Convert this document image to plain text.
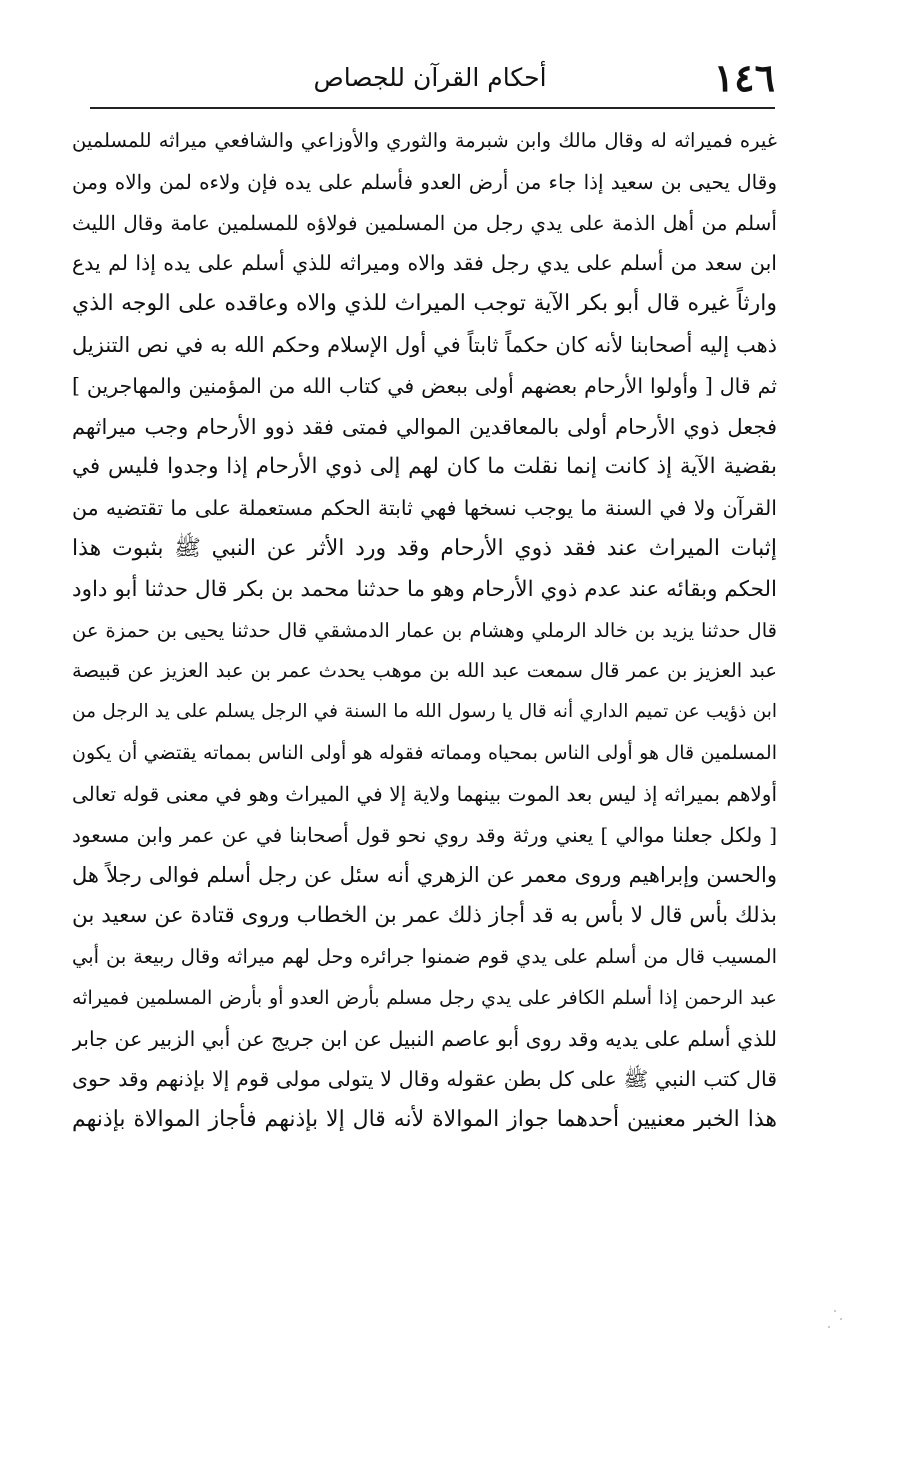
١٤٦
أحكام القرآن للجصاص
غيره فميراثه له وقال مالك وابن شبرمة والثوري والأوزاعي والشافعي ميراثه للمسلمين
وقال يحيى بن سعيد إذا جاء من أرض العدو فأسلم على يده فإن ولاءه لمن والاه ومن
أسلم من أهل الذمة على يدي رجل من المسلمين فولاؤه للمسلمين عامة وقال الليث
ابن سعد من أسلم على يدي رجل فقد والاه وميراثه للذي أسلم على يده إذا لم يدع
وارثاً غيره قال أبو بكر الآية توجب الميراث للذي والاه وعاقده على الوجه الذي
ذهب إليه أصحابنا لأنه كان حكماً ثابتاً في أول الإسلام وحكم الله به في نص التنزيل
ثم قال [ وأولوا الأرحام بعضهم أولى ببعض في كتاب الله من المؤمنين والمهاجرين ]
فجعل ذوي الأرحام أولى بالمعاقدين الموالي فمتى فقد ذوو الأرحام وجب ميراثهم
بقضية الآية إذ كانت إنما نقلت ما كان لهم إلى ذوي الأرحام إذا وجدوا فليس في
القرآن ولا في السنة ما يوجب نسخها فهي ثابتة الحكم مستعملة على ما تقتضيه من
إثبات الميراث عند فقد ذوي الأرحام وقد ورد الأثر عن النبي ﷺ بثبوت هذا
الحكم وبقائه عند عدم ذوي الأرحام وهو ما حدثنا محمد بن بكر قال حدثنا أبو داود
قال حدثنا يزيد بن خالد الرملي وهشام بن عمار الدمشقي قال حدثنا يحيى بن حمزة عن
عبد العزيز بن عمر قال سمعت عبد الله بن موهب يحدث عمر بن عبد العزيز عن قبيصة
ابن ذؤيب عن تميم الداري أنه قال يا رسول الله ما السنة في الرجل يسلم على يد الرجل من
المسلمين قال هو أولى الناس بمحياه ومماته فقوله هو أولى الناس بمماته يقتضي أن يكون
أولاهم بميراثه إذ ليس بعد الموت بينهما ولاية إلا في الميراث وهو في معنى قوله تعالى
[ ولكل جعلنا موالي ] يعني ورثة وقد روي نحو قول أصحابنا في عن عمر وابن مسعود
والحسن وإبراهيم وروى معمر عن الزهري أنه سئل عن رجل أسلم فوالى رجلاً هل
بذلك بأس قال لا بأس به قد أجاز ذلك عمر بن الخطاب وروى قتادة عن سعيد بن
المسيب قال من أسلم على يدي قوم ضمنوا جرائره وحل لهم ميراثه وقال ربيعة بن أبي
عبد الرحمن إذا أسلم الكافر على يدي رجل مسلم بأرض العدو أو بأرض المسلمين فميراثه
للذي أسلم على يديه وقد روى أبو عاصم النبيل عن ابن جريج عن أبي الزبير عن جابر
قال كتب النبي ﷺ على كل بطن عقوله وقال لا يتولى مولى قوم إلا بإذنهم وقد حوى
هذا الخبر معنيين أحدهما جواز الموالاة لأنه قال إلا بإذنهم فأجاز الموالاة بإذنهم
